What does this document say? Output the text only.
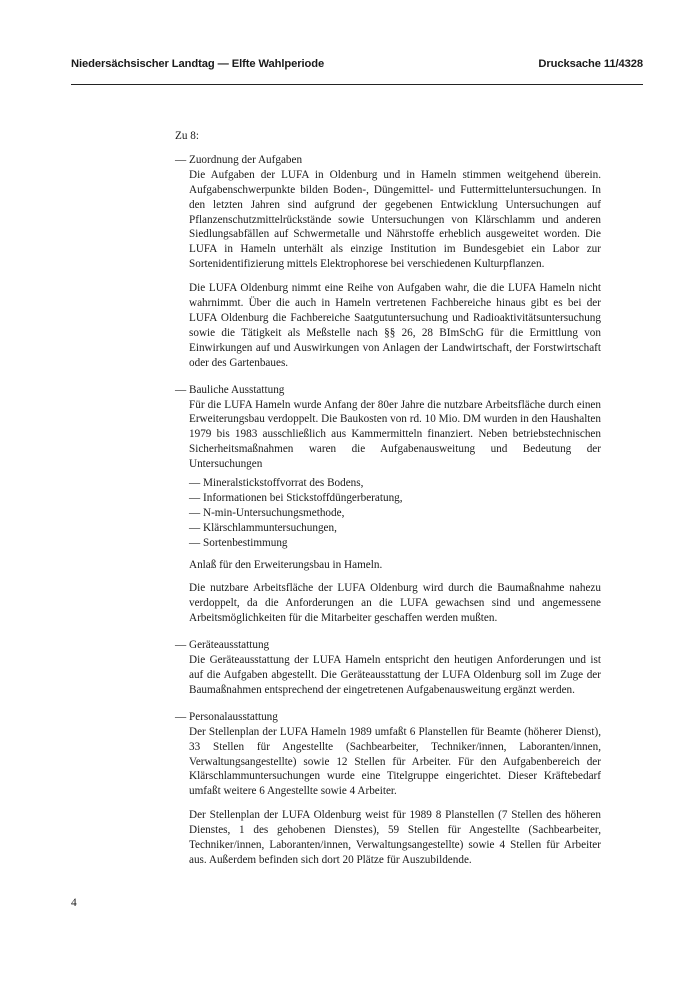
Niedersächsischer Landtag — Elfte Wahlperiode	Drucksache 11/4328
Zu 8:
— Zuordnung der Aufgaben

Die Aufgaben der LUFA in Oldenburg und in Hameln stimmen weitgehend überein. Aufgabenschwerpunkte bilden Boden-, Düngemittel- und Futtermitteluntersuchungen. In den letzten Jahren sind aufgrund der gegebenen Entwicklung Untersuchungen auf Pflanzenschutzmittelrückstände sowie Untersuchungen von Klärschlamm und anderen Siedlungsabfällen auf Schwermetalle und Nährstoffe erheblich ausgeweitet worden. Die LUFA in Hameln unterhält als einzige Institution im Bundesgebiet ein Labor zur Sortenidentifizierung mittels Elektrophorese bei verschiedenen Kulturpflanzen.

Die LUFA Oldenburg nimmt eine Reihe von Aufgaben wahr, die die LUFA Hameln nicht wahrnimmt. Über die auch in Hameln vertretenen Fachbereiche hinaus gibt es bei der LUFA Oldenburg die Fachbereiche Saatgutuntersuchung und Radioaktivitätsuntersuchung sowie die Tätigkeit als Meßstelle nach §§ 26, 28 BImSchG für die Ermittlung von Einwirkungen auf und Auswirkungen von Anlagen der Landwirtschaft, der Forstwirtschaft oder des Gartenbaues.

— Bauliche Ausstattung

Für die LUFA Hameln wurde Anfang der 80er Jahre die nutzbare Arbeitsfläche durch einen Erweiterungsbau verdoppelt. Die Baukosten von rd. 10 Mio. DM wurden in den Haushalten 1979 bis 1983 ausschließlich aus Kammermitteln finanziert. Neben betriebstechnischen Sicherheitsmaßnahmen waren die Aufgabenausweitung und Bedeutung der Untersuchungen

— Mineralstickstoffvorrat des Bodens,
— Informationen bei Stickstoffdüngerberatung,
— N-min-Untersuchungsmethode,
— Klärschlammuntersuchungen,
— Sortenbestimmung

Anlaß für den Erweiterungsbau in Hameln.

Die nutzbare Arbeitsfläche der LUFA Oldenburg wird durch die Baumaßnahme nahezu verdoppelt, da die Anforderungen an die LUFA gewachsen sind und angemessene Arbeitsmöglichkeiten für die Mitarbeiter geschaffen werden mußten.

— Geräteausstattung

Die Geräteausstattung der LUFA Hameln entspricht den heutigen Anforderungen und ist auf die Aufgaben abgestellt. Die Geräteausstattung der LUFA Oldenburg soll im Zuge der Baumaßnahmen entsprechend der eingetretenen Aufgabenausweitung ergänzt werden.

— Personalausstattung

Der Stellenplan der LUFA Hameln 1989 umfaßt 6 Planstellen für Beamte (höherer Dienst), 33 Stellen für Angestellte (Sachbearbeiter, Techniker/innen, Laboranten/innen, Verwaltungsangestellte) sowie 12 Stellen für Arbeiter. Für den Aufgabenbereich der Klärschlammuntersuchungen wurde eine Titelgruppe eingerichtet. Dieser Kräftebedarf umfaßt weitere 6 Angestellte sowie 4 Arbeiter.

Der Stellenplan der LUFA Oldenburg weist für 1989 8 Planstellen (7 Stellen des höheren Dienstes, 1 des gehobenen Dienstes), 59 Stellen für Angestellte (Sachbearbeiter, Techniker/innen, Laboranten/innen, Verwaltungsangestellte) sowie 4 Stellen für Arbeiter aus. Außerdem befinden sich dort 20 Plätze für Auszubildende.

4
